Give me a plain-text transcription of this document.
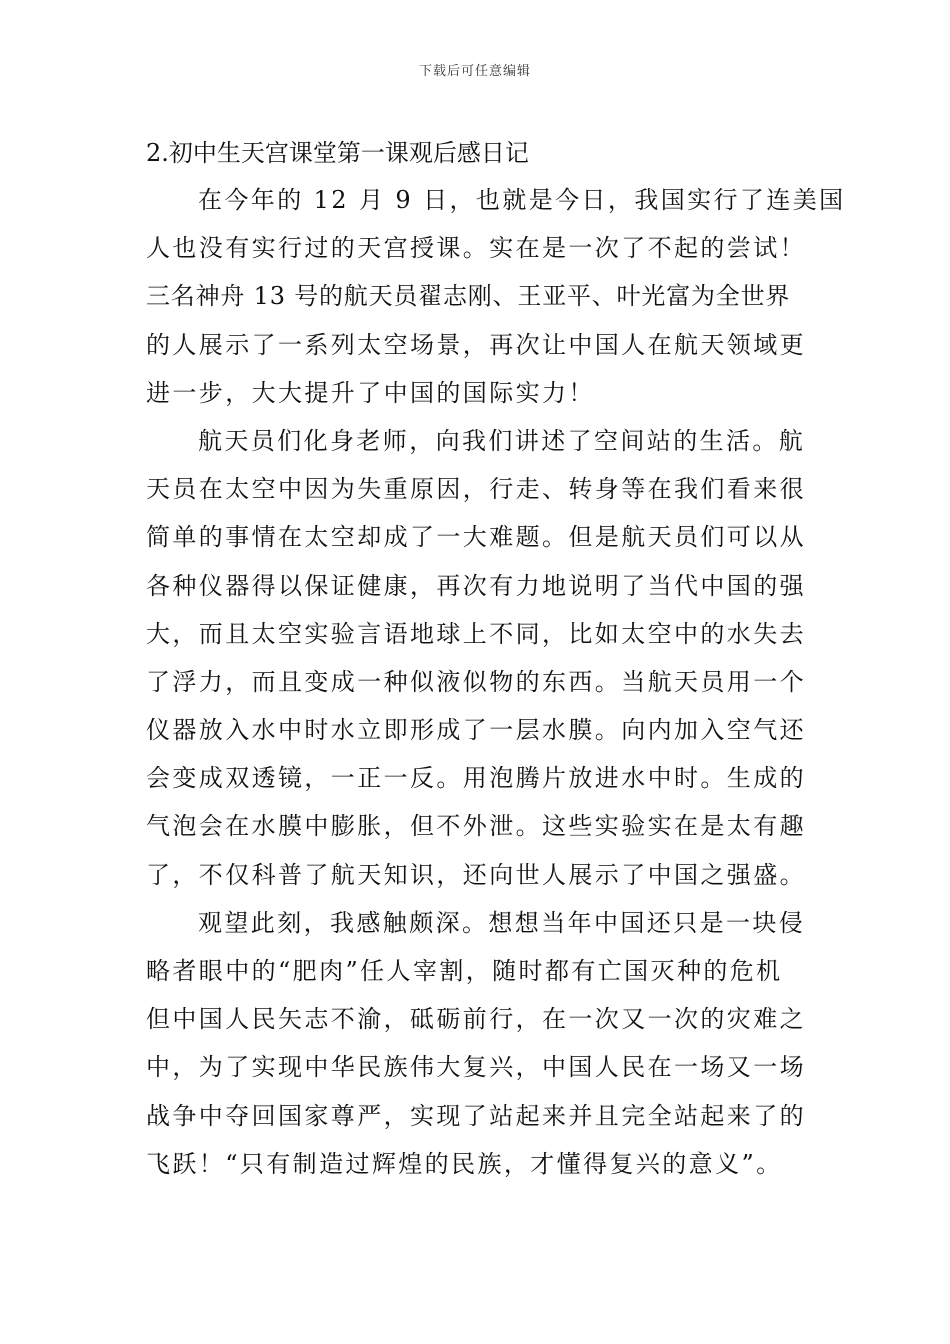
下载后可任意编辑
2.初中生天宫课堂第一课观后感日记
在今年的 12 月 9 日，也就是今日，我国实行了连美国
人也没有实行过的天宫授课。实在是一次了不起的尝试！
三名神舟 13 号的航天员翟志刚、王亚平、叶光富为全世界
的人展示了一系列太空场景，再次让中国人在航天领域更
进一步，大大提升了中国的国际实力！
航天员们化身老师，向我们讲述了空间站的生活。航
天员在太空中因为失重原因，行走、转身等在我们看来很
简单的事情在太空却成了一大难题。但是航天员们可以从
各种仪器得以保证健康，再次有力地说明了当代中国的强
大，而且太空实验言语地球上不同，比如太空中的水失去
了浮力，而且变成一种似液似物的东西。当航天员用一个
仪器放入水中时水立即形成了一层水膜。向内加入空气还
会变成双透镜，一正一反。用泡腾片放进水中时。生成的
气泡会在水膜中膨胀，但不外泄。这些实验实在是太有趣
了，不仅科普了航天知识，还向世人展示了中国之强盛。
观望此刻，我感触颇深。想想当年中国还只是一块侵
略者眼中的“肥肉”任人宰割，随时都有亡国灭种的危机
但中国人民矢志不渝，砥砺前行，在一次又一次的灾难之
中，为了实现中华民族伟大复兴，中国人民在一场又一场
战争中夺回国家尊严，实现了站起来并且完全站起来了的
飞跃！“只有制造过辉煌的民族，才懂得复兴的意义”。
